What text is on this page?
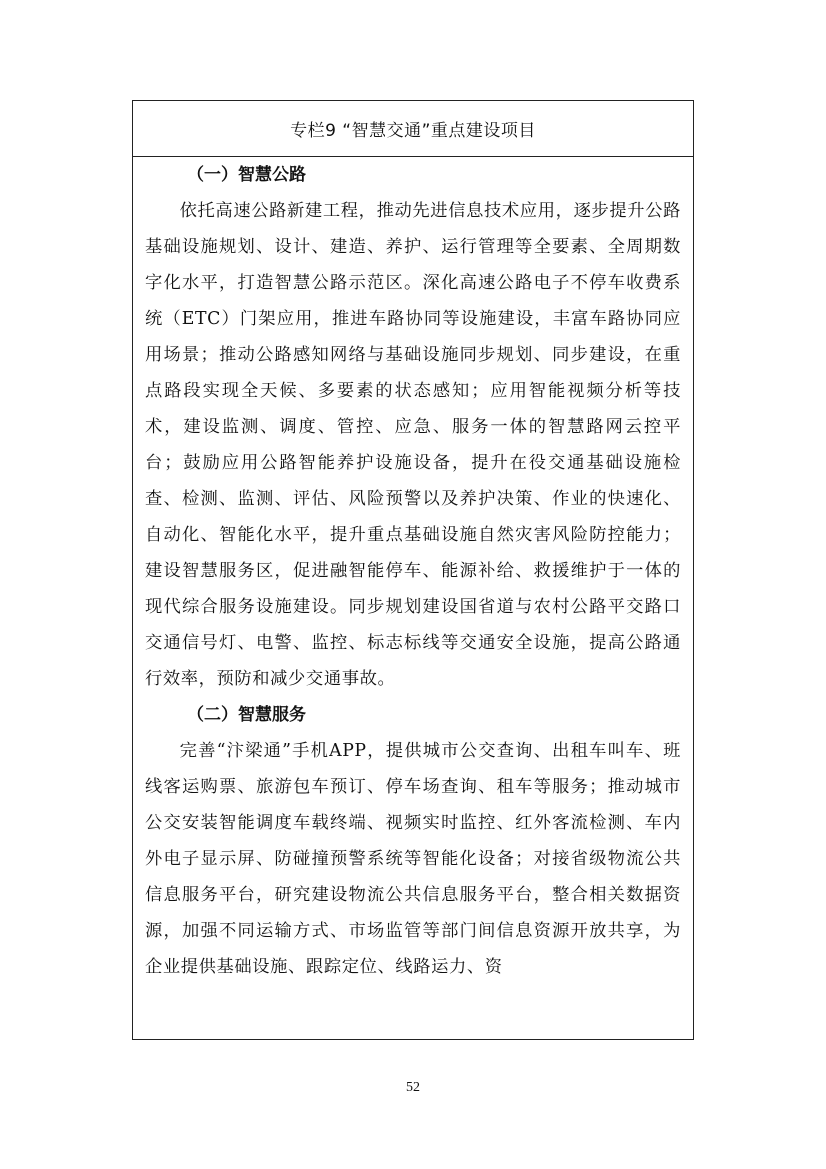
专栏9 “智慧交通”重点建设项目
（一）智慧公路

依托高速公路新建工程，推动先进信息技术应用，逐步提升公路基础设施规划、设计、建造、养护、运行管理等全要素、全周期数字化水平，打造智慧公路示范区。深化高速公路电子不停车收费系统（ETC）门架应用，推进车路协同等设施建设，丰富车路协同应用场景；推动公路感知网络与基础设施同步规划、同步建设，在重点路段实现全天候、多要素的状态感知；应用智能视频分析等技术，建设监测、调度、管控、应急、服务一体的智慧路网云控平台；鼓励应用公路智能养护设施设备，提升在役交通基础设施检查、检测、监测、评估、风险预警以及养护决策、作业的快速化、自动化、智能化水平，提升重点基础设施自然灾害风险防控能力；建设智慧服务区，促进融智能停车、能源补给、救援维护于一体的现代综合服务设施建设。同步规划建设国省道与农村公路平交路口交通信号灯、电警、监控、标志标线等交通安全设施，提高公路通行效率，预防和减少交通事故。

（二）智慧服务

完善“汴梁通”手机APP，提供城市公交查询、出租车叫车、班线客运购票、旅游包车预订、停车场查询、租车等服务；推动城市公交安装智能调度车载终端、视频实时监控、红外客流检测、车内外电子显示屏、防碰撞预警系统等智能化设备；对接省级物流公共信息服务平台，研究建设物流公共信息服务平台，整合相关数据资源，加强不同运输方式、市场监管等部门间信息资源开放共享，为企业提供基础设施、跟踪定位、线路运力、资

52
